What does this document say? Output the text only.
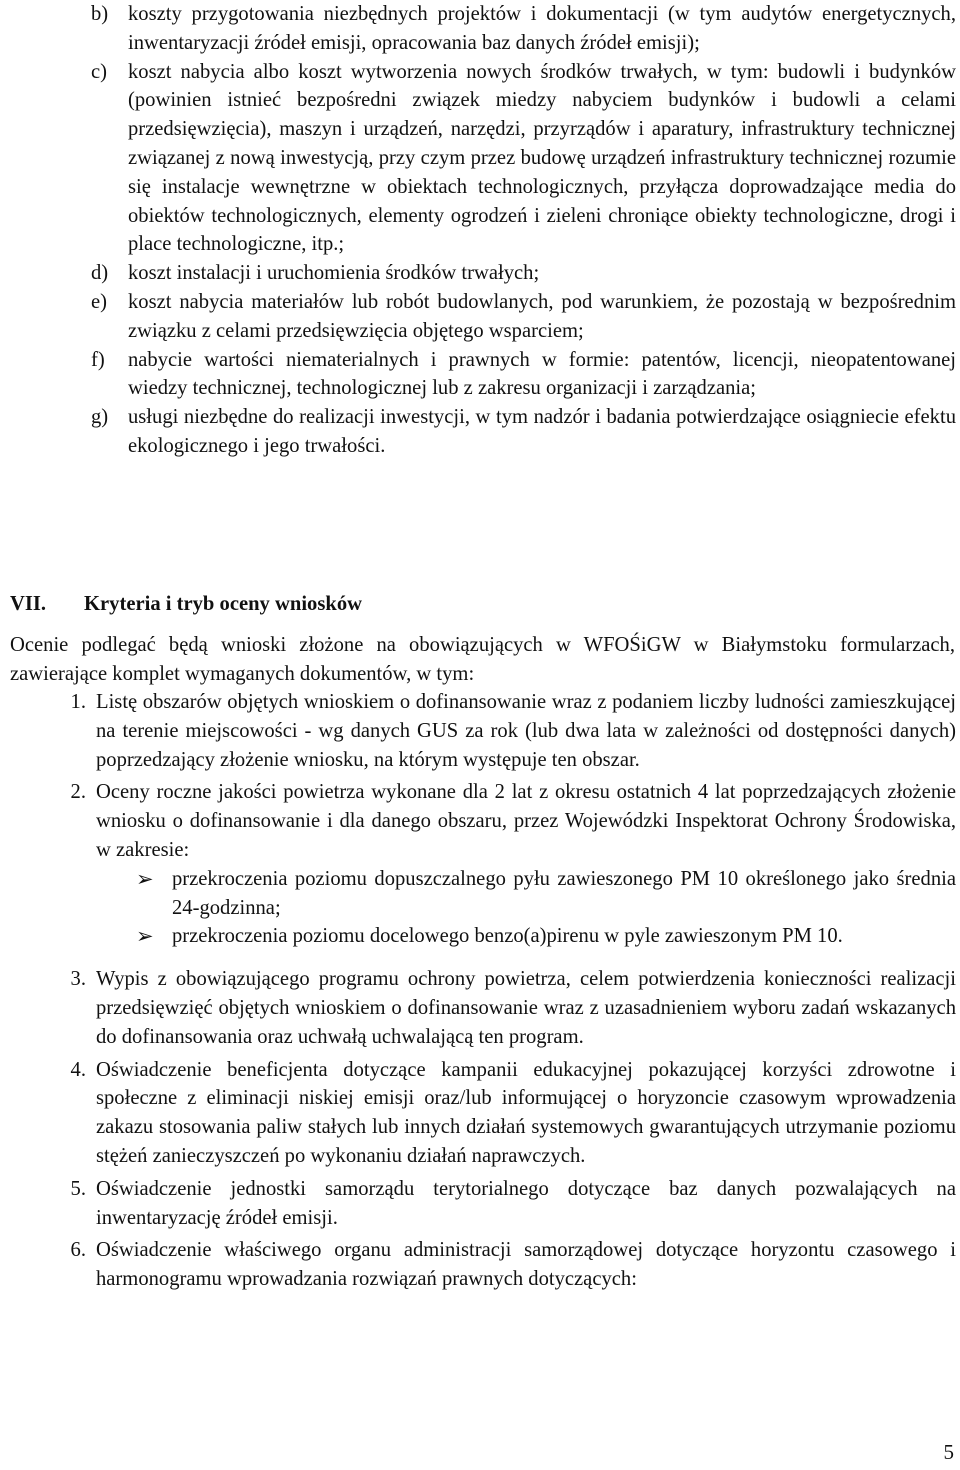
b) koszty przygotowania niezbędnych projektów i dokumentacji (w tym audytów energetycznych, inwentaryzacji źródeł emisji, opracowania baz danych źródeł emisji);
c) koszt nabycia albo koszt wytworzenia nowych środków trwałych, w tym: budowli i budynków (powinien istnieć bezpośredni związek miedzy nabyciem budynków i budowli a celami przedsięwzięcia), maszyn i urządzeń, narzędzi, przyrządów i aparatury, infrastruktury technicznej związanej z nową inwestycją, przy czym przez budowę urządzeń infrastruktury technicznej rozumie się instalacje wewnętrzne w obiektach technologicznych, przyłącza doprowadzające media do obiektów technologicznych, elementy ogrodzeń i zieleni chroniące obiekty technologiczne, drogi i place technologiczne, itp.;
d) koszt instalacji i uruchomienia środków trwałych;
e) koszt nabycia materiałów lub robót budowlanych, pod warunkiem, że pozostają w bezpośrednim związku z celami przedsięwzięcia objętego wsparciem;
f) nabycie wartości niematerialnych i prawnych w formie: patentów, licencji, nieopatentowanej wiedzy technicznej, technologicznej lub z zakresu organizacji i zarządzania;
g) usługi niezbędne do realizacji inwestycji, w tym nadzór i badania potwierdzające osiągniecie efektu ekologicznego i jego trwałości.
VII. Kryteria i tryb oceny wniosków
Ocenie podlegać będą wnioski złożone na obowiązujących w WFOŚiGW w Białymstoku formularzach, zawierające komplet wymaganych dokumentów, w tym:
1. Listę obszarów objętych wnioskiem o dofinansowanie wraz z podaniem liczby ludności zamieszkującej na terenie miejscowości - wg danych GUS za rok (lub dwa lata w zależności od dostępności danych) poprzedzający złożenie wniosku, na którym występuje ten obszar.
2. Oceny roczne jakości powietrza wykonane dla 2 lat z okresu ostatnich 4 lat poprzedzających złożenie wniosku o dofinansowanie i dla danego obszaru, przez Wojewódzki Inspektorat Ochrony Środowiska, w zakresie:
➢ przekroczenia poziomu dopuszczalnego pyłu zawieszonego PM 10 określonego jako średnia 24-godzinna;
➢ przekroczenia poziomu docelowego benzo(a)pirenu w pyle zawieszonym PM 10.
3. Wypis z obowiązującego programu ochrony powietrza, celem potwierdzenia konieczności realizacji przedsięwzięć objętych wnioskiem o dofinansowanie wraz z uzasadnieniem wyboru zadań wskazanych do dofinansowania oraz uchwałą uchwalającą ten program.
4. Oświadczenie beneficjenta dotyczące kampanii edukacyjnej pokazującej korzyści zdrowotne i społeczne z eliminacji niskiej emisji oraz/lub informującej o horyzoncie czasowym wprowadzenia zakazu stosowania paliw stałych lub innych działań systemowych gwarantujących utrzymanie poziomu stężeń zanieczyszczeń po wykonaniu działań naprawczych.
5. Oświadczenie jednostki samorządu terytorialnego dotyczące baz danych pozwalających na inwentaryzację źródeł emisji.
6. Oświadczenie właściwego organu administracji samorządowej dotyczące horyzontu czasowego i harmonogramu wprowadzania rozwiązań prawnych dotyczących:
5
